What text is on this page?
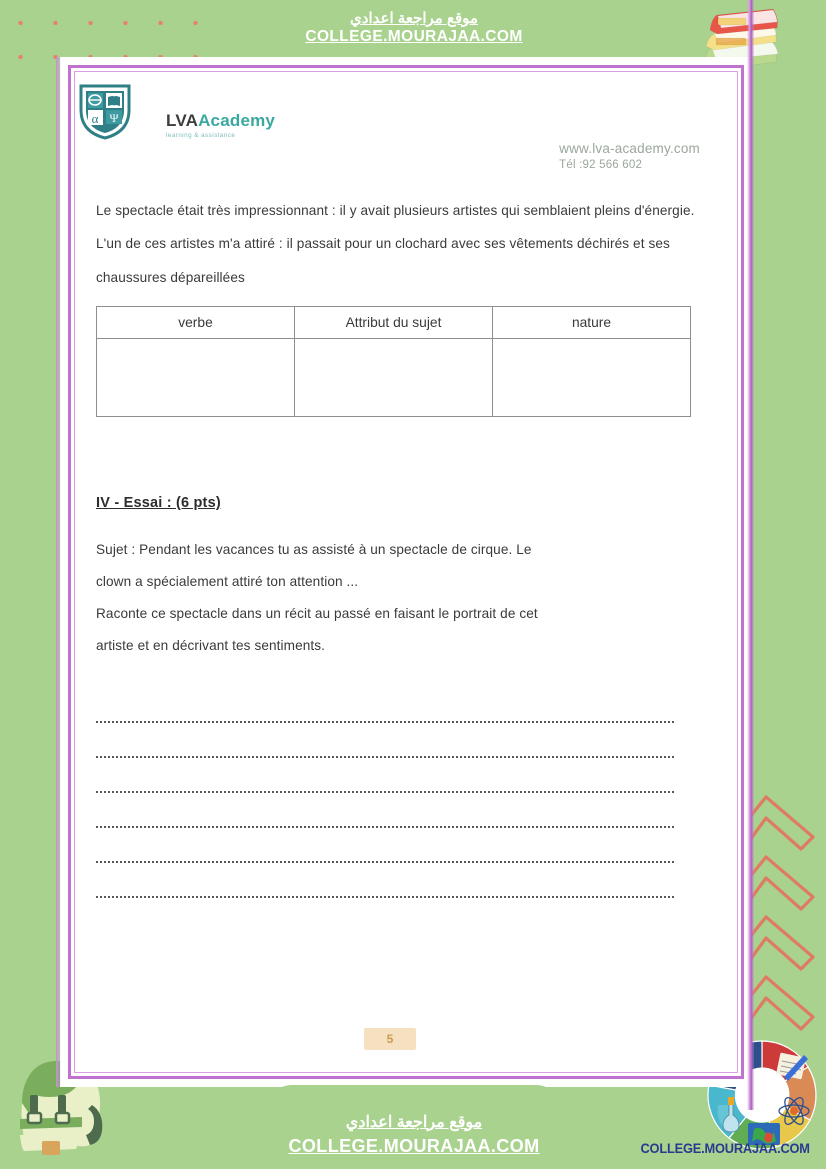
α Ψ	LVAAcademy
learning & assistance
www.lva-academy.com
Tél :92 566 602
Le spectacle était très impressionnant : il y avait plusieurs artistes qui semblaient pleins d'énergie. L'un de ces artistes m'a attiré : il passait pour un clochard avec ses vêtements déchirés et ses chaussures dépareillées
verbe	Attribut du sujet	nature

IV - Essai : (6 pts)
Sujet : Pendant les vacances tu as assisté à un spectacle de cirque. Le
clown a spécialement attiré ton attention ...
Raconte ce spectacle dans un récit au passé en faisant le portrait de cet
artiste et en décrivant tes sentiments.
5
موقع مراجعة اعدادي
COLLEGE.MOURAJAA.COM
موقع مراجعة اعدادي
COLLEGE.MOURAJAA.COM	COLLEGE.MOURAJAA.COM
